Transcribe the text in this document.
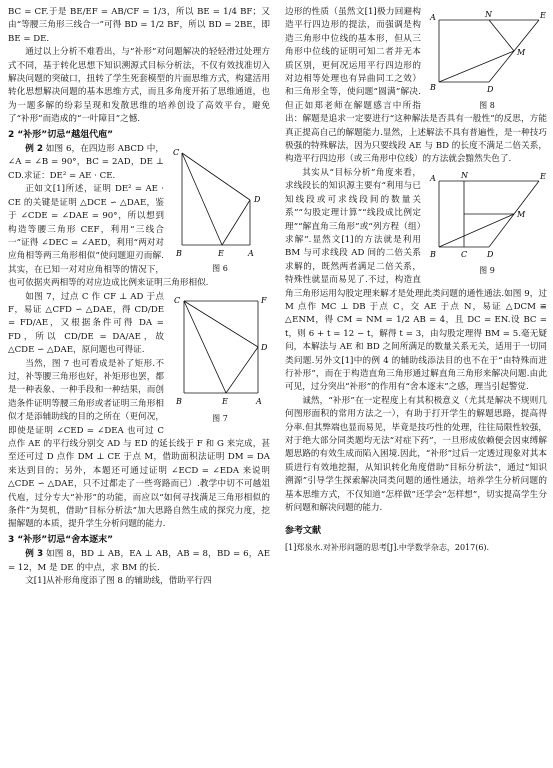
BC = CF.于是 BE/EF = AB/CF = 1/3，所以 BE = 1/4 BF；又由“等腰三角形三线合一”可得 BD = 1/2 BF，所以 BD = 2BE，即 BE = DE.

通过以上分析不难看出，与“补形”对问题解决的轻轻滑过处理方式不同，基于转化思想下知识溯源式目标分析法，不仅有效找准切入解决问题的突破口，扭转了学生死套模型的片面思维方式，构建活用转化思想解决问题的基本思维方式，而且多角度开拓了思维通道，也为一题多解的纷彩呈现和发散思维的培养创设了高效平台，避免了“补形”而造成的“一叶障目”之憾.

2 “补形”切忌“越俎代庖”
C
D
B	E	A
图 6

例 2 如图 6，在四边形 ABCD 中，∠A = ∠B = 90°，BC = 2AD，DE ⊥ CD.求证：DE² = AE · CE.

正如文[1]所述，证明 DE² = AE · CE 的关键是证明 △DCE ∽ △DAE，鉴于 ∠CDE = ∠DAE = 90°，所以想到构造等腰三角形 CEF，利用“三线合一”证得 ∠DEC = ∠AED，利用“两对对应角相等两三角形相似”使问题迎刃而解.其实，在已知一对对应角相等的情况下，也可依据夹两相等的对应边成比例来证明三角形相似.

C	F
D
B	E	A
图 7

如图 7，过点 C 作 CF ⊥ AD 于点 F，易证 △CFD ∽ △DAE，得 CD/DE = FD/AE，又根据条件可得 DA = FD，所以 CD/DE = DA/AE，故 △CDE ∽ △DAE，原问题也可得证.

当然，图 7 也可看成是补了矩形.不过，补等腰三角形也好，补矩形也罢，都是一种表象、一种手段和一种结果，而创造条件证明等腰三角形或者证明三角形相似才是添辅助线的目的之所在（更何况，即使是证明 ∠CED = ∠DEA 也可过 C 点作 AE 的平行线分别交 AD 与 ED 的延长线于 F 和 G 来完成，甚至还可过 D 点作 DM ⊥ CE 于点 M，借助面积法证明 DM = DA 来达到目的；另外，本题还可通过证明 ∠ECD = ∠EDA 来说明 △CDE ∽ △DAE，只不过都走了一些弯路而已）.教学中切不可越俎代庖，过分专大“补形”的功能，而应以“如何寻找满足三角形相似的条件”为契机，借助“目标分析法”加大思路自然生成的探究力度，挖掘解题的本质，提升学生分析问题的能力.

3 “补形”切忌“舍本逐末”

例 3 如图 8，BD ⊥ AB，EA ⊥ AB，AB = 8，BD = 6，AE = 12，M 是 DE 的中点，求 BM 的长.

文[1]从补形角度添了图 8 的辅助线，借助平行四

A	N	E
M
B	D
图 8

边形的性质（虽然文[1]极力回避构造平行四边形的提法，而强调是构造三角形中位线的基本形，但从三角形中位线的证明可知二者并无本质区别，更何况运用平行四边形的对边相等处理也有异曲同工之效）和三角形全等，使问题“圆满”解决.但正如郑老师在解题感言中所指出：解题是追求一定要进行“这种解法是否具有一般性”的反思，方能真正提高自己的解题能力.显然，上述解法不具有普遍性，是一种技巧极强的特殊解法，因为只要线段 AE 与 BD 的长度不满足二倍关系，构造平行四边形（或三角形中位线）的方法就会黯然失色了.

A	N	E
M
B	C D
图 9

其实从“目标分析”角度来看，求线段长的知识源主要有“利用与已知线段或可求线段间的数量关系”“勾股定理计算”“线段成比例定理”“解直角三角形”或“列方程（组）求解”.显然文[1]的方法就是利用 BM 与可求线段 AD 间的二倍关系求解的，既然两者满足二倍关系，特殊性就显而易见了.不过，构造直角三角形运用勾股定理来解才是处理此类问题的通性通法.如图 9，过 M 点作 MC ⊥ DB 于点 C，交 AE 于点 N，易证 △DCM ≌ △ENM，得 CM = NM = 1/2 AB = 4，且 DC = EN.设 BC = t，则 6 + t = 12 − t，解得 t = 3，由勾股定理得 BM = 5.毫无疑问，本解法与 AE 和 BD 之间所满足的数量关系无关，适用于一切同类问题.另外文[1]中的例 4 的辅助线添法目的也不在于“由特殊而进行补形”，而在于构造直角三角形通过解直角三角形来解决问题.由此可见，过分突出“补形”的作用有“舍本逐末”之感，理当引起警觉.

诚然，“补形”在一定程度上有其积极意义（尤其是解决不规则几何图形面积的常用方法之一），有助于打开学生的解题思路，提高得分率.但其弊端也显而易见，毕竟是技巧性的处理，往往局限性较强，对于绝大部分同类题均无法“对症下药”，一旦形成依赖便会因束缚解题思路的有效生成而陷入困境.因此，“补形”过后一定透过现象对其本质进行有效地挖掘，从知识转化角度借助“目标分析法”，通过“知识溯源”引导学生探索解决同类问题的通性通法，培养学生分析问题的基本思维方式，不仅知道“怎样做”还学会“怎样想”，切实提高学生分析问题和解决问题的能力.

参考文献

[1]郑泉水.对补形问题的思考[J].中学数学杂志，2017(6).
